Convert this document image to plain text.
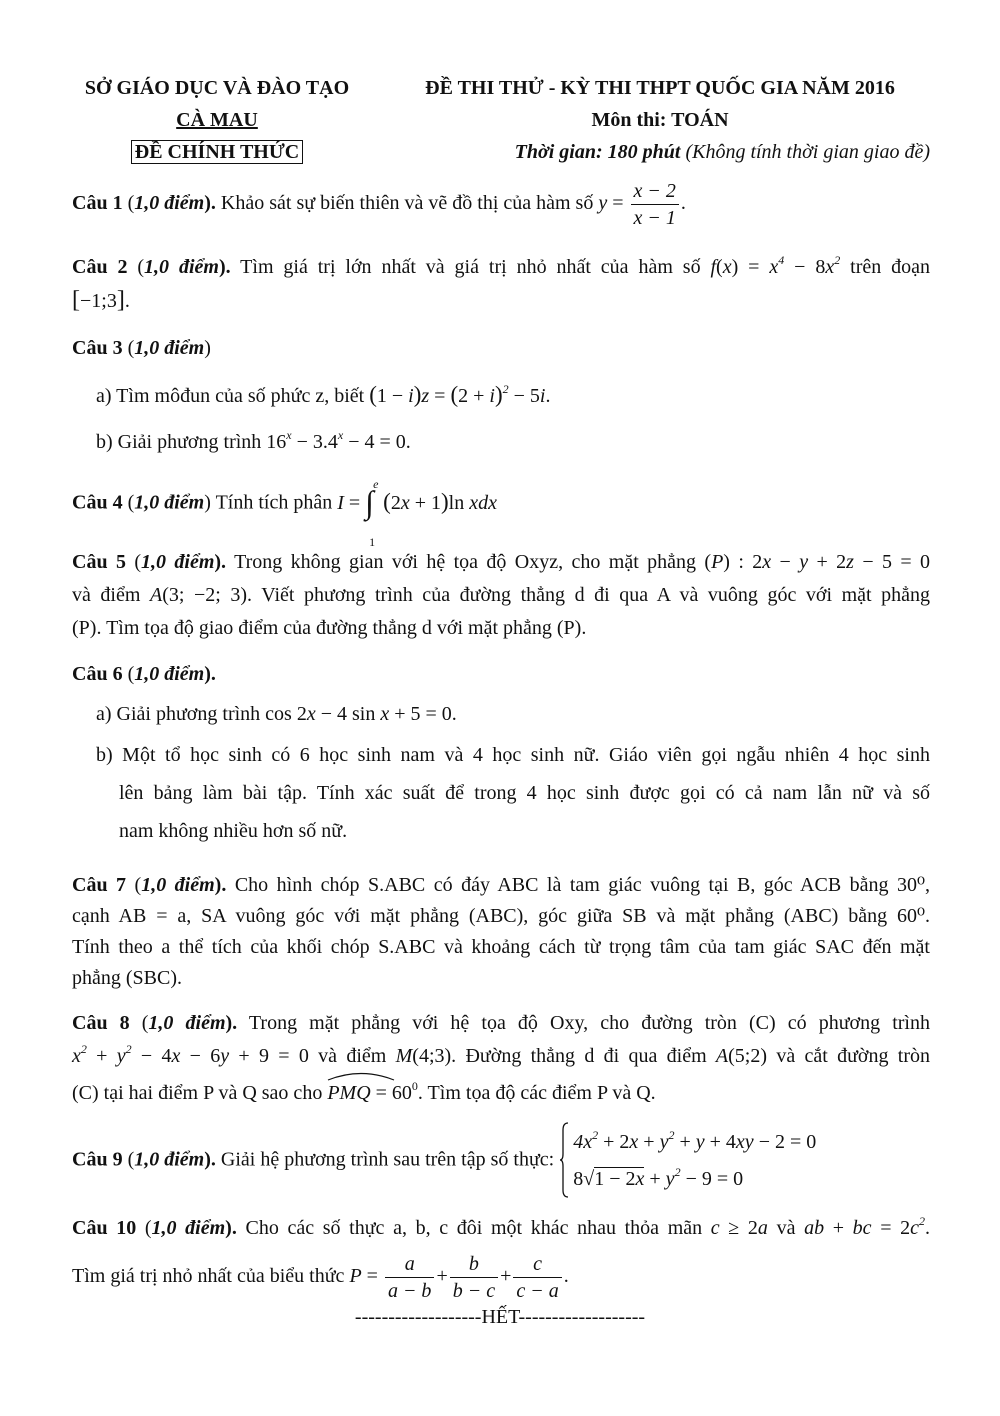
SỞ GIÁO DỤC VÀ ĐÀO TẠO
CÀ MAU
ĐỀ CHÍNH THỨC
ĐỀ THI THỬ - KỲ THI THPT QUỐC GIA NĂM 2016
Môn thi: TOÁN
Thời gian: 180 phút (Không tính thời gian giao đề)

Câu 1 (1,0 điểm). Khảo sát sự biến thiên và vẽ đồ thị của hàm số $y = \frac{x - 2}{x - 1}$ .

Câu 2 (1,0 điểm). Tìm giá trị lớn nhất và giá trị nhỏ nhất của hàm số $f(x) = x^4 - 8x^2$ trên đoạn

[−1;3].

Câu 3 (1,0 điểm)

a) Tìm môđun của số phức z, biết $(1 - i)z = (2 + i)^2 - 5i$.

b) Giải phương trình $16^x - 3.4^x - 4 = 0$.

Câu 4 (1,0 điểm) Tính tích phân I = ∫ e
1
(2x + 1)ln xdx

Câu 5 (1,0 điểm). Trong không gian với hệ tọa độ Oxyz, cho mặt phẳng (P) : 2x − y + 2z − 5 = 0

và điểm A(3; −2; 3). Viết phương trình của đường thẳng d đi qua A và vuông góc với mặt phẳng

(P). Tìm tọa độ giao điểm của đường thẳng d với mặt phẳng (P).

Câu 6 (1,0 điểm).

a) Giải phương trình cos 2x − 4 sin x + 5 = 0.

b) Một tổ học sinh có 6 học sinh nam và 4 học sinh nữ. Giáo viên gọi ngẫu nhiên 4 học sinh

lên bảng làm bài tập. Tính xác suất để trong 4 học sinh được gọi có cả nam lẫn nữ và số

nam không nhiều hơn số nữ.

Câu 7 (1,0 điểm). Cho hình chóp S.ABC có đáy ABC là tam giác vuông tại B, góc ACB bằng 30⁰,

cạnh AB = a, SA vuông góc với mặt phẳng (ABC), góc giữa SB và mặt phẳng (ABC) bằng 60⁰.

Tính theo a thể tích của khối chóp S.ABC và khoảng cách từ trọng tâm của tam giác SAC đến mặt

phẳng (SBC).

Câu 8 (1,0 điểm). Trong mặt phẳng với hệ tọa độ Oxy, cho đường tròn (C) có phương trình

$x^2 + y^2 - 4x - 6y + 9 = 0$ và điểm M(4;3). Đường thẳng d đi qua điểm A(5;2) và cắt đường tròn

(C) tại hai điểm P và Q sao cho PMQ = $60^0$. Tìm tọa độ các điểm P và Q.

Câu 9 (1,0 điểm). Giải hệ phương trình sau trên tập số thực:
$4x^2 + 2x + y^2 + y + 4xy - 2 = 0$
$8√1 - 2x + y^2 - 9 = 0$

Câu 10 (1,0 điểm). Cho các số thực a, b, c đôi một khác nhau thỏa mãn c ≥ 2a và ab + bc = $2c^2$.

Tìm giá trị nhỏ nhất của biểu thức $P = \frac{a}{a - b} + \frac{b}{b - c} + \frac{c}{c - a}$ .

-------------------HẾT-------------------
